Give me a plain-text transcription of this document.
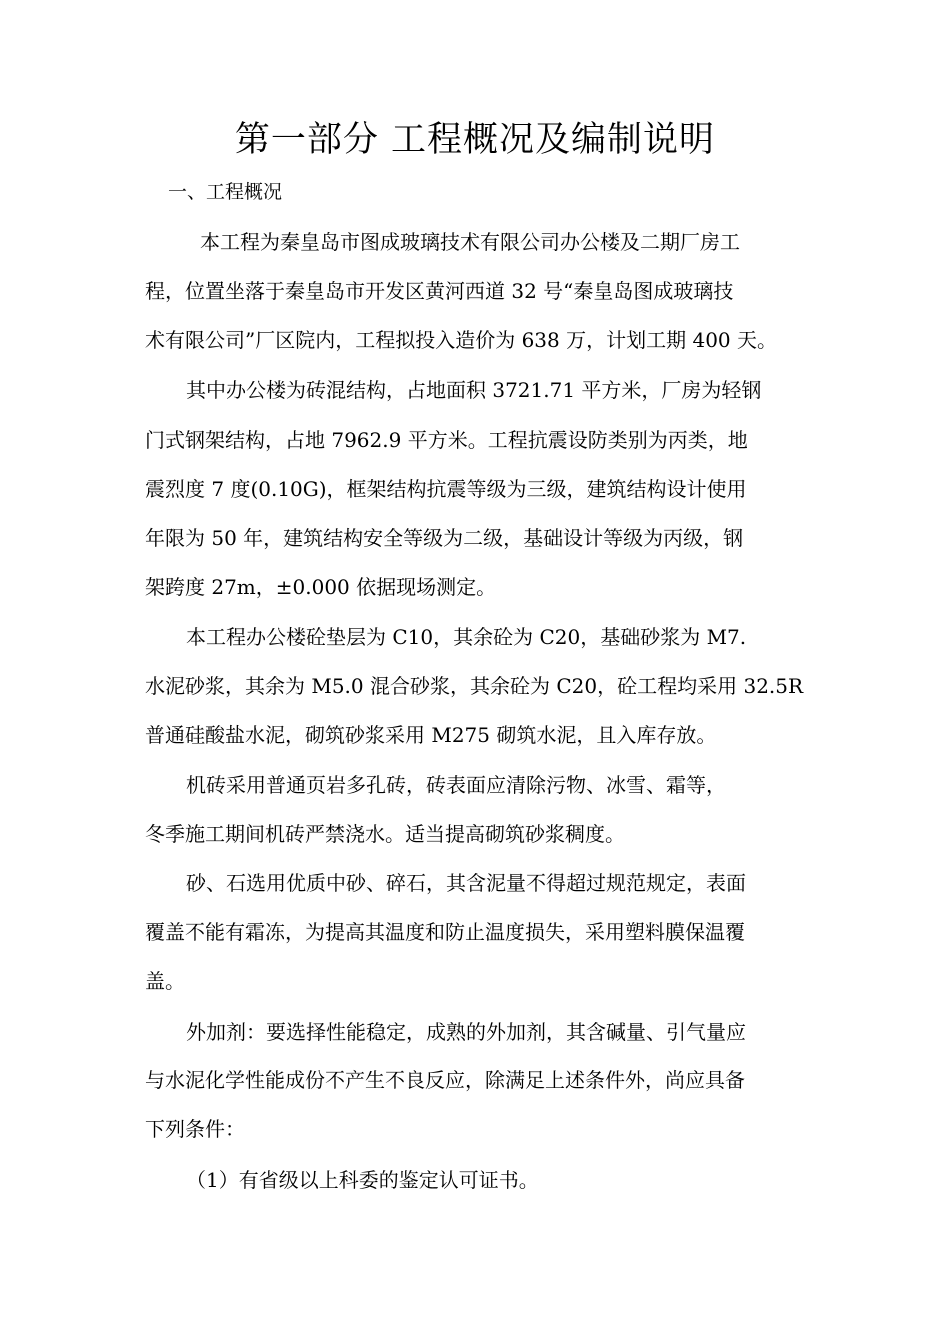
第一部分 工程概况及编制说明
一、工程概况
本工程为秦皇岛市图成玻璃技术有限公司办公楼及二期厂房工
程，位置坐落于秦皇岛市开发区黄河西道 32 号“秦皇岛图成玻璃技
术有限公司”厂区院内，工程拟投入造价为 638 万，计划工期 400 天。
其中办公楼为砖混结构，占地面积 3721.71 平方米，厂房为轻钢
门式钢架结构，占地 7962.9 平方米。工程抗震设防类别为丙类，地
震烈度 7 度(0.10G)，框架结构抗震等级为三级，建筑结构设计使用
年限为 50 年，建筑结构安全等级为二级，基础设计等级为丙级，钢
架跨度 27m，±0.000 依据现场测定。
本工程办公楼砼垫层为 C10，其余砼为 C20，基础砂浆为 M7.
水泥砂浆，其余为 M5.0 混合砂浆，其余砼为 C20，砼工程均采用 32.5R
普通硅酸盐水泥，砌筑砂浆采用 M275 砌筑水泥，且入库存放。
机砖采用普通页岩多孔砖，砖表面应清除污物、冰雪、霜等，
冬季施工期间机砖严禁浇水。适当提高砌筑砂浆稠度。
砂、石选用优质中砂、碎石，其含泥量不得超过规范规定，表面
覆盖不能有霜冻，为提高其温度和防止温度损失，采用塑料膜保温覆
盖。
外加剂：要选择性能稳定，成熟的外加剂，其含碱量、引气量应
与水泥化学性能成份不产生不良反应，除满足上述条件外，尚应具备
下列条件：
（1）有省级以上科委的鉴定认可证书。
